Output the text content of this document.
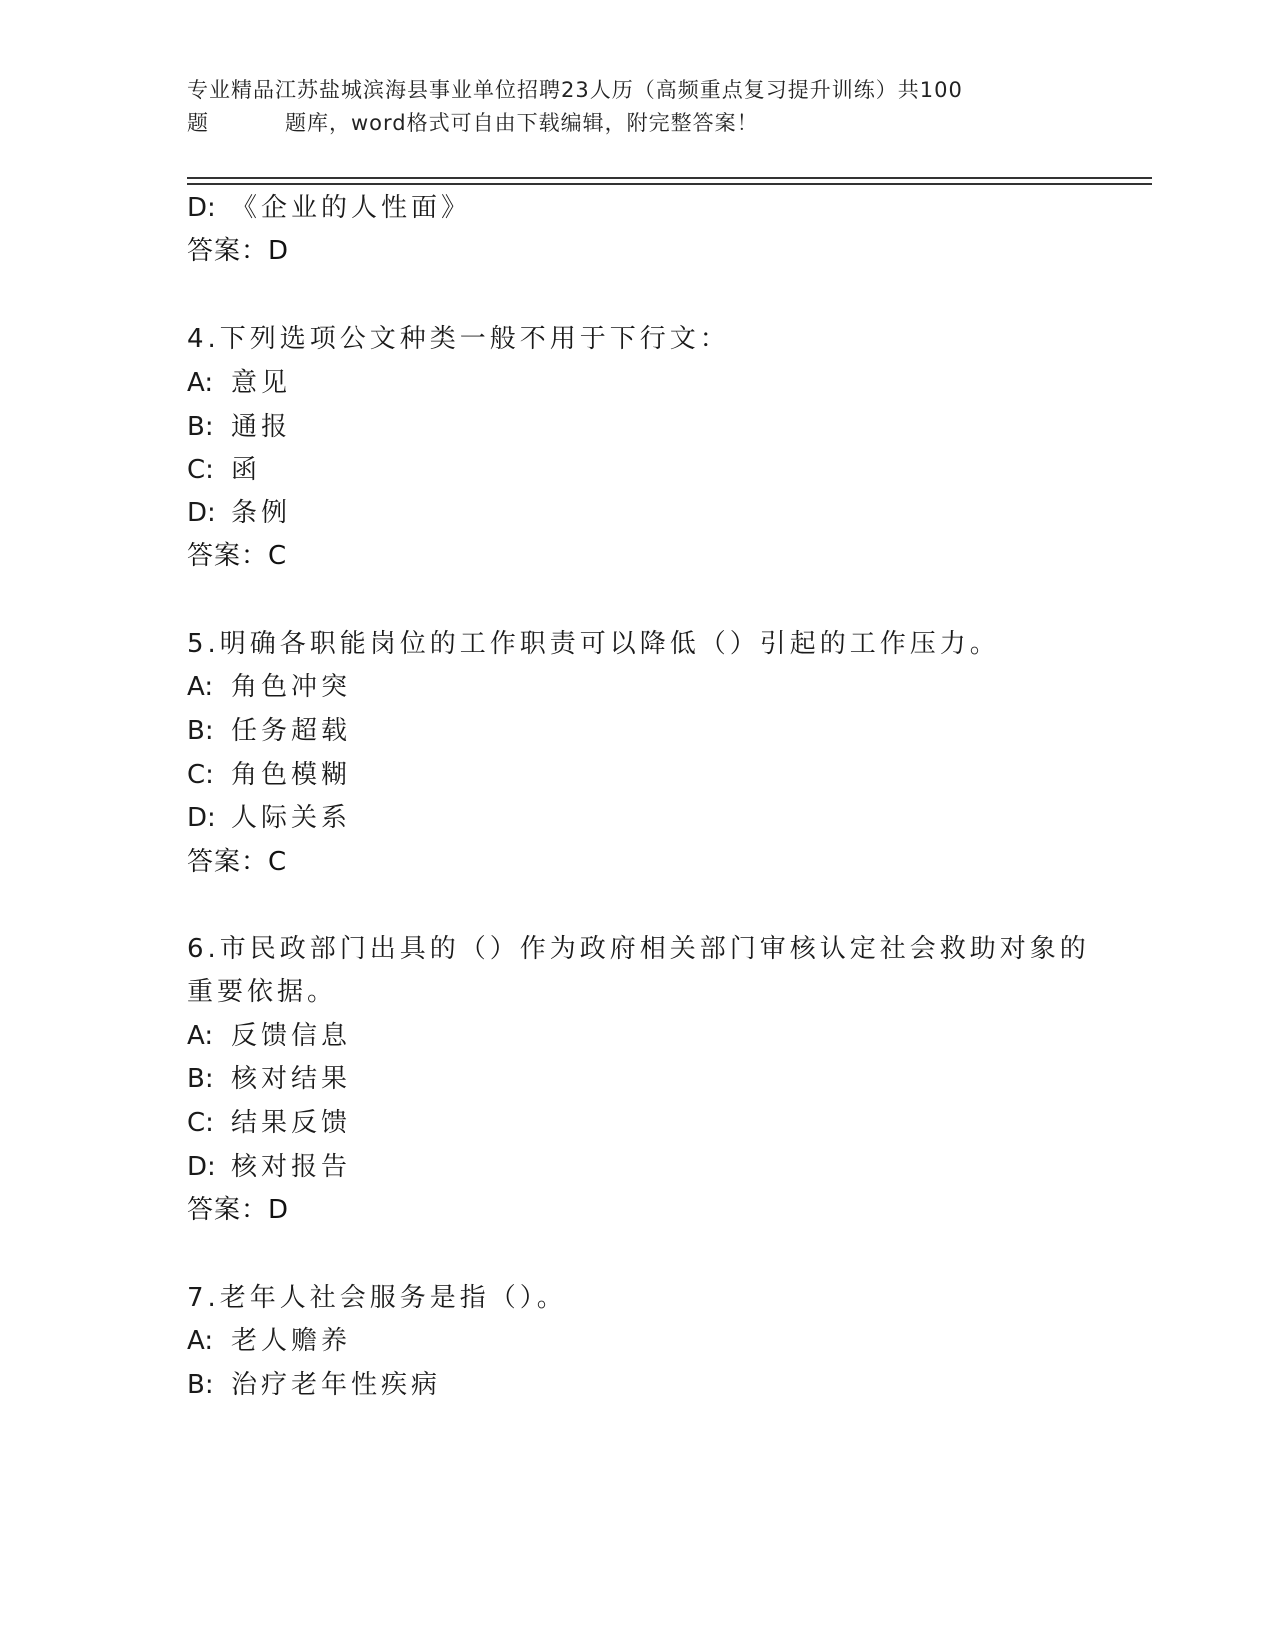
专业精品江苏盐城滨海县事业单位招聘23人历（高频重点复习提升训练）共100
题	题库，word格式可自由下载编辑，附完整答案！
D: 《企业的人性面》
答案：D
4.下列选项公文种类一般不用于下行文：
A: 意见
B: 通报
C: 函
D: 条例
答案：C
5.明确各职能岗位的工作职责可以降低（）引起的工作压力。
A: 角色冲突
B: 任务超载
C: 角色模糊
D: 人际关系
答案：C
6.市民政部门出具的（）作为政府相关部门审核认定社会救助对象的
重要依据。
A: 反馈信息
B: 核对结果
C: 结果反馈
D: 核对报告
答案：D
7.老年人社会服务是指（）。
A: 老人赡养
B: 治疗老年性疾病
